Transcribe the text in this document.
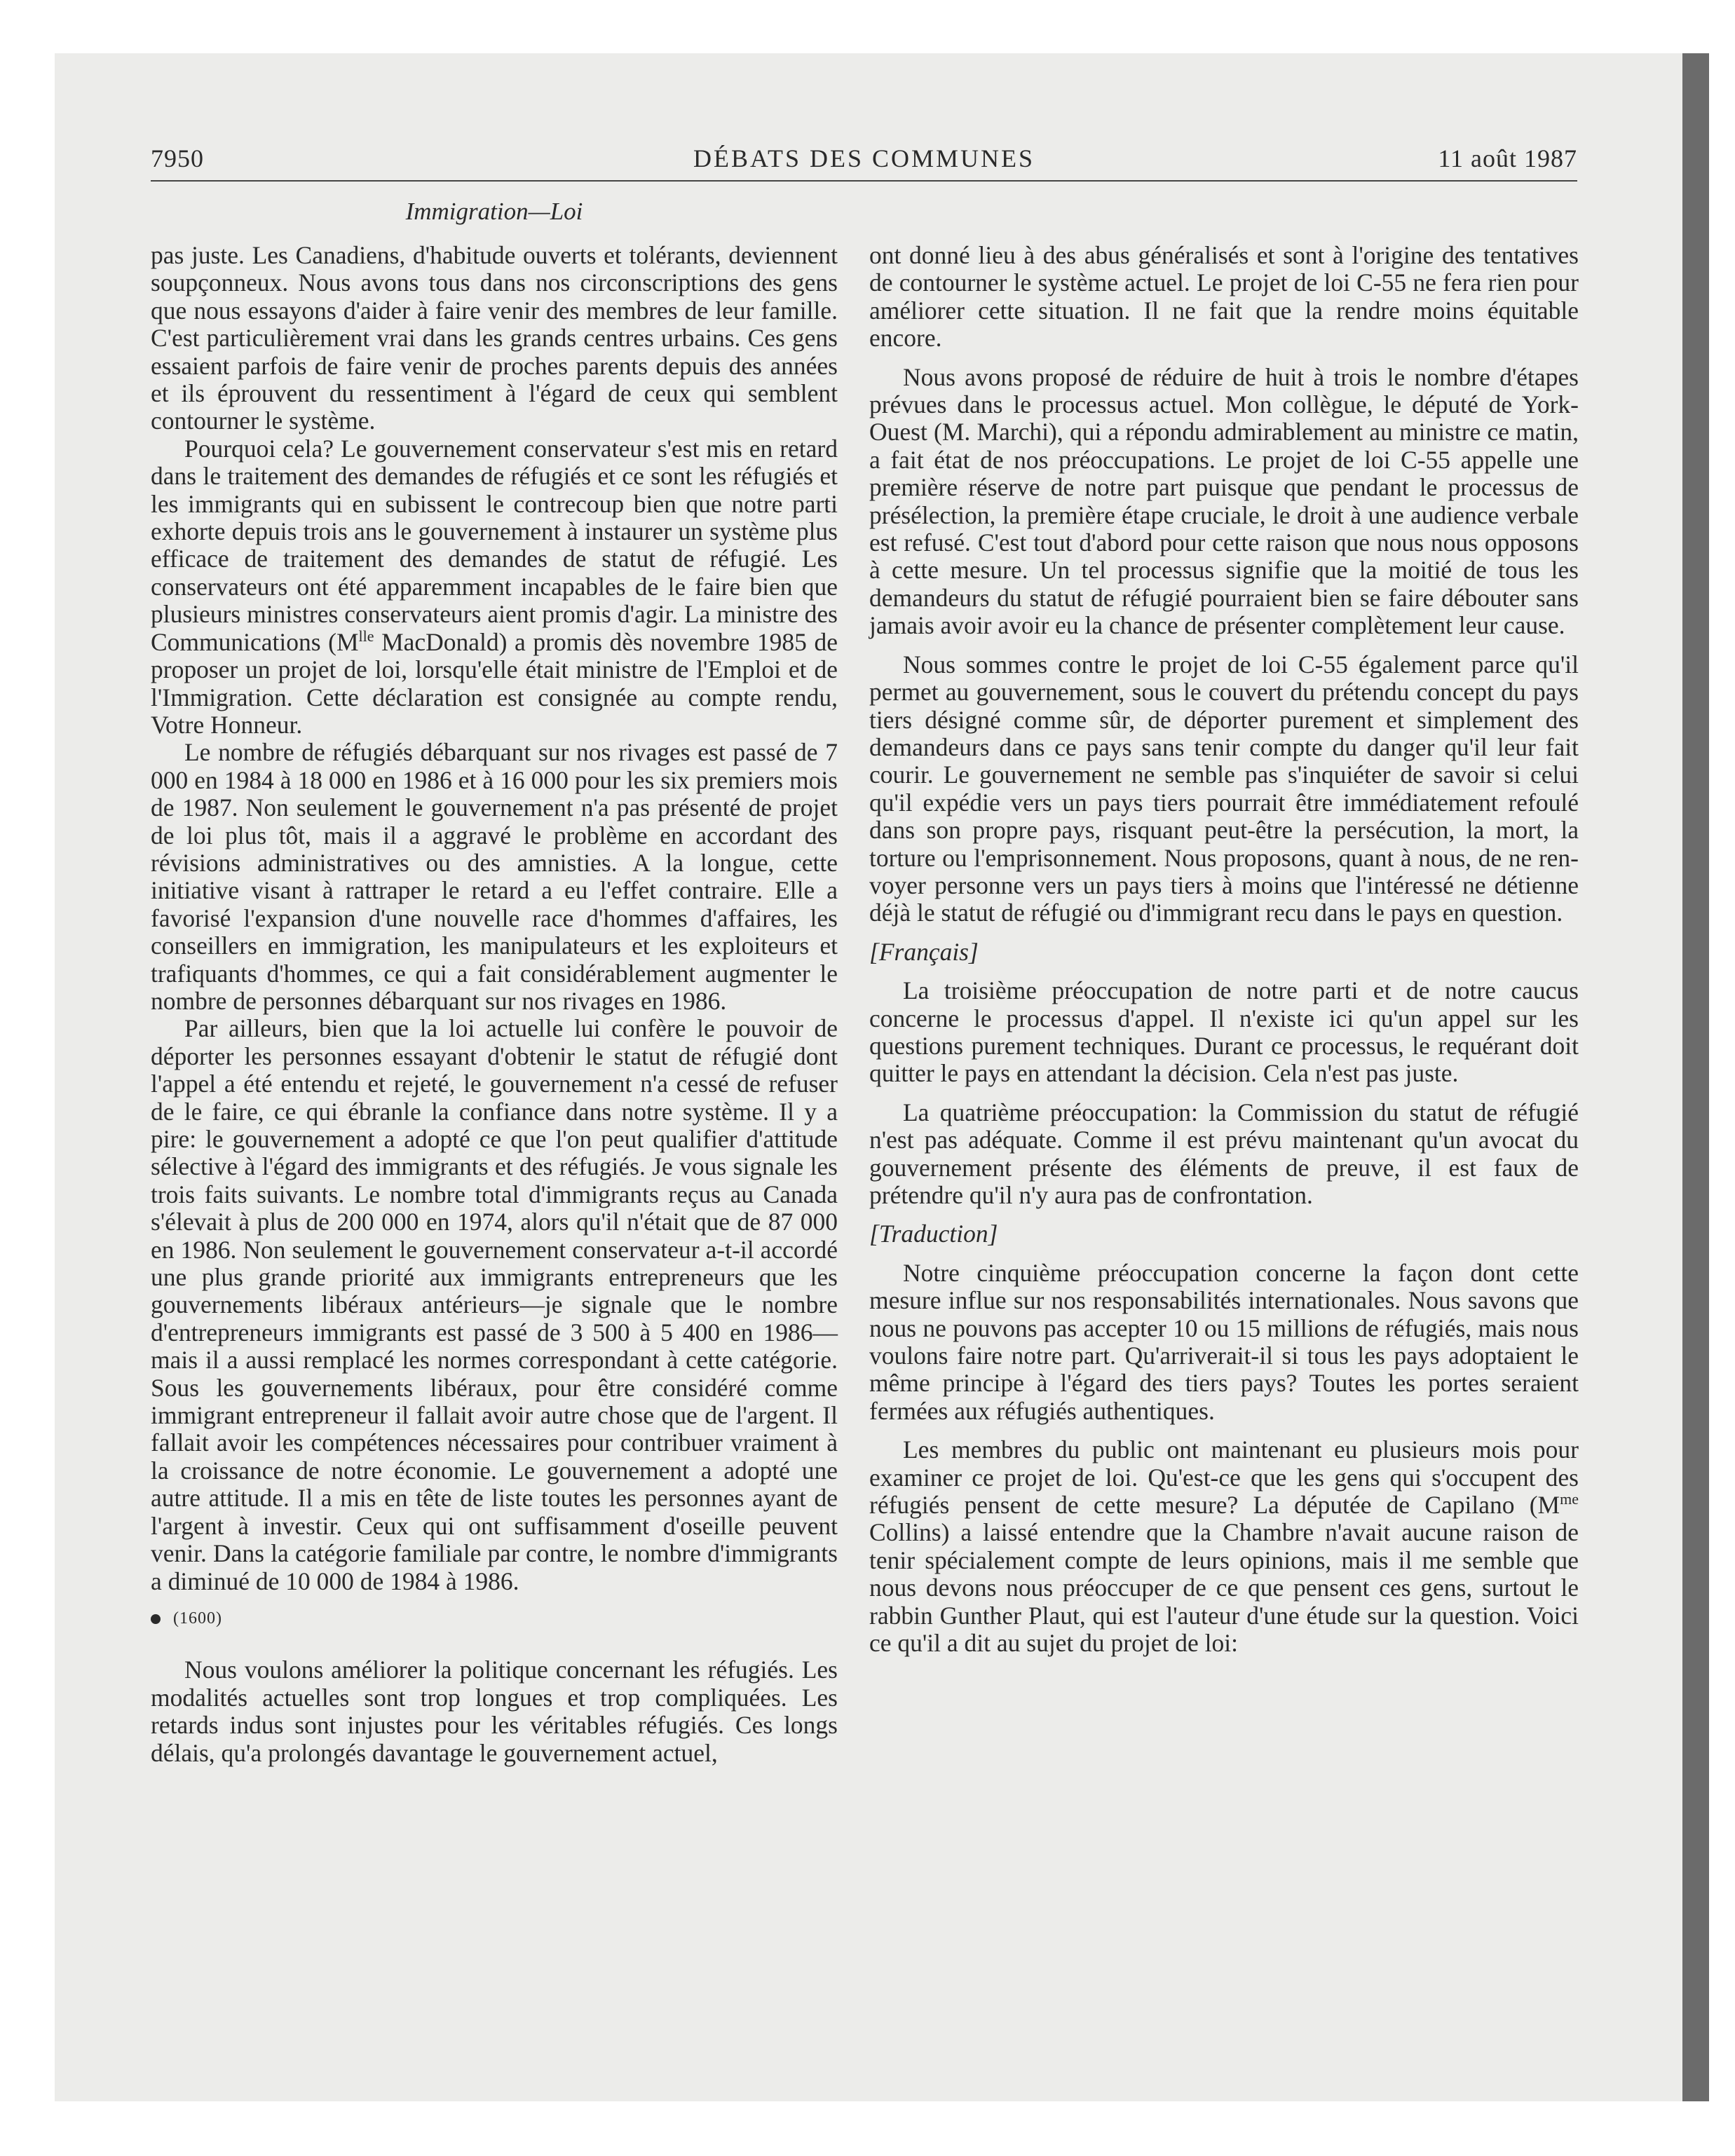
7950	DÉBATS DES COMMUNES	11 août 1987
Immigration—Loi

pas juste. Les Canadiens, d'habitude ouverts et tolérants, deviennent soupçonneux. Nous avons tous dans nos circonscriptions des gens que nous essayons d'aider à faire venir des membres de leur famille. C'est particulièrement vrai dans les grands centres urbains. Ces gens essaient parfois de faire venir de proches parents depuis des années et ils éprouvent du ressentiment à l'égard de ceux qui semblent contourner le système.

Pourquoi cela? Le gouvernement conservateur s'est mis en retard dans le traitement des demandes de réfugiés et ce sont les réfugiés et les immigrants qui en subissent le contrecoup bien que notre parti exhorte depuis trois ans le gouvernement à instaurer un système plus efficace de traitement des demandes de statut de réfugié. Les conservateurs ont été apparemment incapables de le faire bien que plusieurs ministres conservateurs aient promis d'agir. La ministre des Communications ($M^{lle}$ MacDonald) a promis dès novembre 1985 de proposer un projet de loi, lorsqu'elle était ministre de l'Emploi et de l'Immigration. Cette déclaration est consignée au compte rendu, Votre Honneur.

Le nombre de réfugiés débarquant sur nos rivages est passé de 7 000 en 1984 à 18 000 en 1986 et à 16 000 pour les six premiers mois de 1987. Non seulement le gouvernement n'a pas présenté de projet de loi plus tôt, mais il a aggravé le problème en accordant des révisions administratives ou des amnisties. A la longue, cette initiative visant à rattraper le retard a eu l'effet contraire. Elle a favorisé l'expansion d'une nouvelle race d'hommes d'affaires, les conseillers en immigration, les manipulateurs et les exploiteurs et trafiquants d'hommes, ce qui a fait considérablement augmenter le nombre de personnes débarquant sur nos rivages en 1986.

Par ailleurs, bien que la loi actuelle lui confère le pouvoir de déporter les personnes essayant d'obtenir le statut de réfugié dont l'appel a été entendu et rejeté, le gouvernement n'a cessé de refuser de le faire, ce qui ébranle la confiance dans notre système. Il y a pire: le gouvernement a adopté ce que l'on peut qualifier d'attitude sélective à l'égard des immigrants et des réfugiés. Je vous signale les trois faits suivants. Le nombre total d'immigrants reçus au Canada s'élevait à plus de 200 000 en 1974, alors qu'il n'était que de 87 000 en 1986. Non seulement le gouvernement conservateur a-t-il accordé une plus grande priorité aux immigrants entrepreneurs que les gouvernements libéraux antérieurs—je signale que le nombre d'entrepreneurs immigrants est passé de 3 500 à 5 400 en 1986—mais il a aussi remplacé les normes correspondant à cette catégorie. Sous les gouvernements libéraux, pour être considéré comme immigrant entrepreneur il fallait avoir autre chose que de l'argent. Il fallait avoir les compétences nécessaires pour contribuer vraiment à la croissance de notre économie. Le gouvernement a adopté une autre attitude. Il a mis en tête de liste toutes les personnes ayant de l'argent à investir. Ceux qui ont suffisamment d'oseille peuvent venir. Dans la catégorie familiale par contre, le nombre d'immigrants a diminué de 10 000 de 1984 à 1986.

(1600)

Nous voulons améliorer la politique concernant les réfugiés. Les modalités actuelles sont trop longues et trop compliquées. Les retards indus sont injustes pour les véritables réfugiés. Ces longs délais, qu'a prolongés davantage le gouvernement actuel,

ont donné lieu à des abus généralisés et sont à l'origine des tentatives de contourner le système actuel. Le projet de loi C-55 ne fera rien pour améliorer cette situation. Il ne fait que la rendre moins équitable encore.

Nous avons proposé de réduire de huit à trois le nombre d'étapes prévues dans le processus actuel. Mon collègue, le député de York-Ouest (M. Marchi), qui a répondu admirablement au ministre ce matin, a fait état de nos préoccupations. Le projet de loi C-55 appelle une première réserve de notre part puisque que pendant le processus de présélection, la première étape cruciale, le droit à une audience verbale est refusé. C'est tout d'abord pour cette raison que nous nous opposons à cette mesure. Un tel processus signifie que la moitié de tous les demandeurs du statut de réfugié pourraient bien se faire débouter sans jamais avoir avoir eu la chance de présenter complètement leur cause.

Nous sommes contre le projet de loi C-55 également parce qu'il permet au gouvernement, sous le couvert du prétendu concept du pays tiers désigné comme sûr, de déporter purement et simplement des demandeurs dans ce pays sans tenir compte du danger qu'il leur fait courir. Le gouvernement ne semble pas s'inquiéter de savoir si celui qu'il expédie vers un pays tiers pourrait être immédiatement refoulé dans son propre pays, risquant peut-être la persécution, la mort, la torture ou l'emprisonnement. Nous proposons, quant à nous, de ne renvoyer personne vers un pays tiers à moins que l'intéressé ne détienne déjà le statut de réfugié ou d'immigrant recu dans le pays en question.

[Français]

La troisième préoccupation de notre parti et de notre caucus concerne le processus d'appel. Il n'existe ici qu'un appel sur les questions purement techniques. Durant ce processus, le requérant doit quitter le pays en attendant la décision. Cela n'est pas juste.

La quatrième préoccupation: la Commission du statut de réfugié n'est pas adéquate. Comme il est prévu maintenant qu'un avocat du gouvernement présente des éléments de preuve, il est faux de prétendre qu'il n'y aura pas de confrontation.

[Traduction]

Notre cinquième préoccupation concerne la façon dont cette mesure influe sur nos responsabilités internationales. Nous savons que nous ne pouvons pas accepter 10 ou 15 millions de réfugiés, mais nous voulons faire notre part. Qu'arriverait-il si tous les pays adoptaient le même principe à l'égard des tiers pays? Toutes les portes seraient fermées aux réfugiés authentiques.

Les membres du public ont maintenant eu plusieurs mois pour examiner ce projet de loi. Qu'est-ce que les gens qui s'occupent des réfugiés pensent de cette mesure? La députée de Capilano ($M^{me}$ Collins) a laissé entendre que la Chambre n'avait aucune raison de tenir spécialement compte de leurs opinions, mais il me semble que nous devons nous préoccuper de ce que pensent ces gens, surtout le rabbin Gunther Plaut, qui est l'auteur d'une étude sur la question. Voici ce qu'il a dit au sujet du projet de loi:
